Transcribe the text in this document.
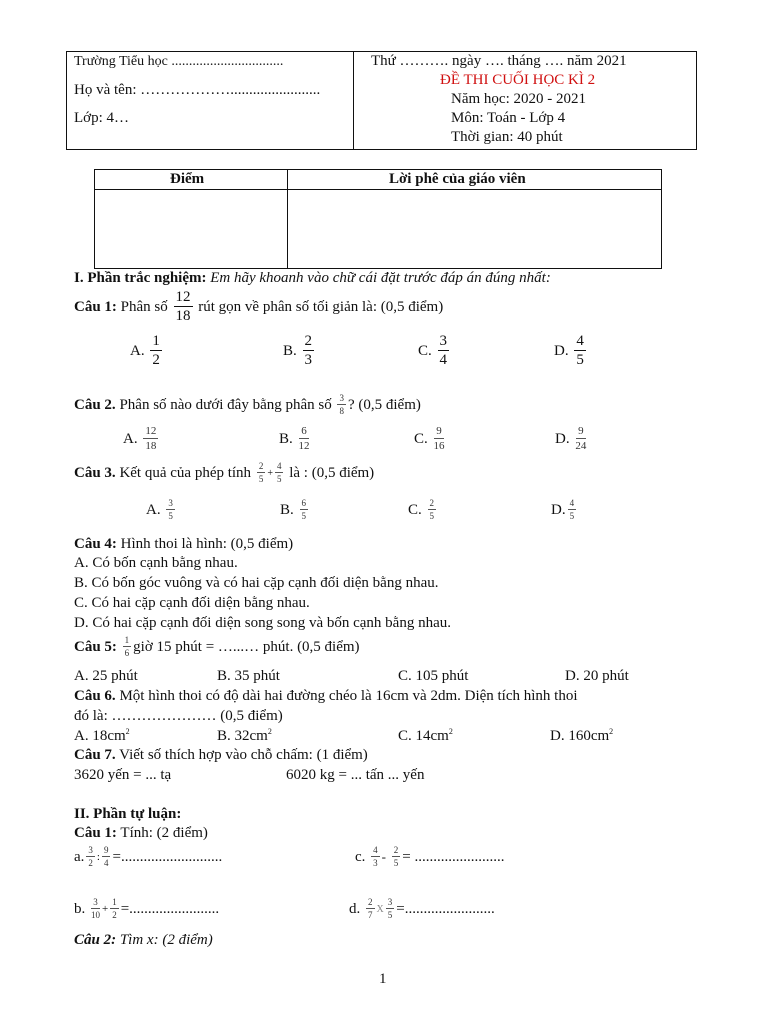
Trường Tiểu học ................................
Họ và tên: ………………........................
Lớp: 4…
Thứ ………. ngày …. tháng …. năm 2021
ĐỀ THI CUỐI HỌC KÌ 2
Năm học: 2020 - 2021
Môn: Toán - Lớp 4
Thời gian: 40 phút
Điểm	Lời phê của giáo viên
I. Phần trắc nghiệm: Em hãy khoanh vào chữ cái đặt trước đáp án đúng nhất:
Câu 1:
Phân số
$\frac{12}{18}$
rút gọn về phân số tối giản là: (0,5 điểm)
A.
$\frac{1}{2}$	B.
$\frac{2}{3}$	C.
$\frac{3}{4}$	D.
$\frac{4}{5}$
Câu 2.
Phân số nào dưới đây bằng phân số
$\frac{3}{8}$ ? (0,5 điểm)
A.
$\frac{12}{18}$	B.
$\frac{6}{12}$	C.
$\frac{9}{16}$	D.
$\frac{9}{24}$
Câu 3.
Kết quả của phép tính
$\frac{2}{5} + \frac{4}{5}$
là : (0,5 điểm)
A.
$\frac{3}{5}$	B.
$\frac{6}{5}$	C.
$\frac{2}{5}$	D. $\frac{4}{5}$
Câu 4: Hình thoi là hình: (0,5 điểm)
A. Có bốn cạnh bằng nhau.
B. Có bốn góc vuông và có hai cặp cạnh đối diện bằng nhau.
C. Có hai cặp cạnh đối diện bằng nhau.
D. Có hai cặp cạnh đối diện song song và bốn cạnh bằng nhau.
Câu 5:
$\frac{1}{6}$ giờ 15 phút = …...… phút. (0,5 điểm)
A. 25 phút	B. 35 phút	C. 105 phút	D. 20 phút
Câu 6. Một hình thoi có độ dài hai đường chéo là 16cm và 2dm. Diện tích hình thoi
đó là: ………………… (0,5 điểm)
A. $18cm^2$	B. $32cm^2$	C. $14cm^2$	D. $160cm^2$
Câu 7. Viết số thích hợp vào chỗ chấm: (1 điểm)
3620 yến = ... tạ	6020 kg = ... tấn ... yến
II. Phần tự luận:
Câu 1: Tính: (2 điểm)
a. $\frac{3}{2}$ : $\frac{9}{4}$ =...........................	c.
$\frac{4}{3}$ -
$\frac{2}{5}$ = ........................
b.
$\frac{3}{10} + \frac{1}{2}$ =........................	d.
$\frac{2}{7}$ X $\frac{3}{5}$ =........................
Câu 2: Tìm x: (2 điểm)
1
